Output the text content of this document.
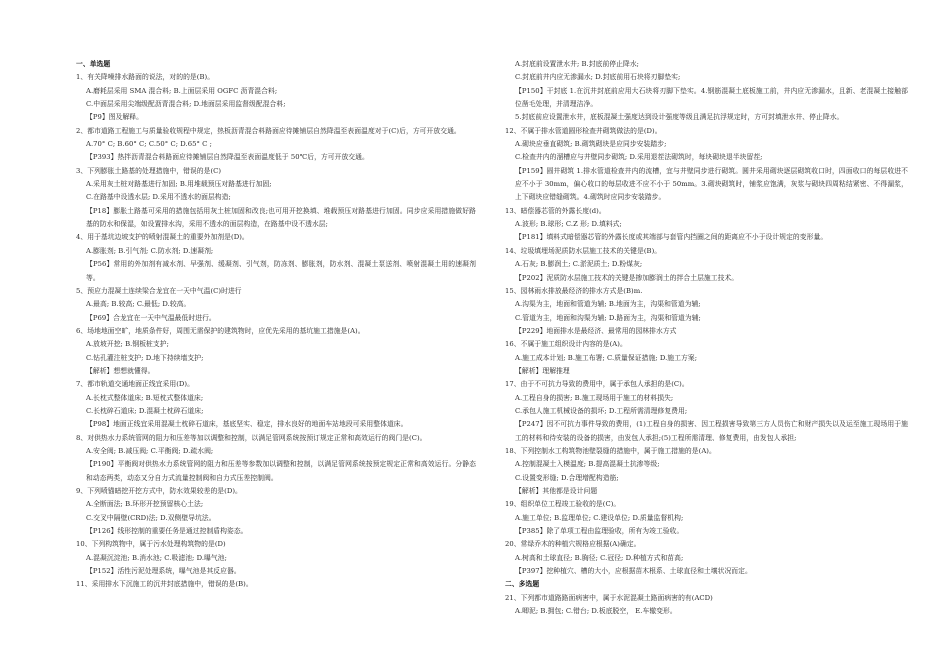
一、单选题
1、有关降噪排水路面的说法，对的的是(B)。
A.磨耗层采用 SMA 混合料; B.上面层采用 OGFC 沥青混合料;
C.中面层采用尖端级配沥青混合料; D.地面层采用监督级配混合料;
【P9】图及解释。
2、都市道路工程施工与质量验收规程中规定，热板沥青混合料路面应待摊铺层自然降温至表面温度对于(C)后，方可开放交通。
A.70° C; B.60° C; C.50° C; D.65° C ;
【P393】热拌沥青混合料路面应待摊铺层自然降温至表面温度低于 50℃后，方可开放交通。
3、下列膨胀土路基的处理措施中，错误的是(C)
A.采用灰土桩对路基进行加固; B.用堆载预压对路基进行加固;
C.在路基中设透水层; D.采用不透水的面层构造;
【P18】膨胀土路基可采用的措施包括用灰土桩加固和改良;也可用开挖换填、堆载预压对路基进行加固。同步应采用措施做好路基的防水和保湿，如设置排水沟，采用不透水的面层构造，在路基中设不透水层;
4、用于基坑边坡支护的喷射混凝土的重要外加剂是(D)。
A.膨胀剂; B.引气剂; C.防水剂; D.速凝剂;
【P56】常用的外加剂有减水剂、早强剂、缓凝剂、引气剂，防冻剂、膨胀剂，防水剂、混凝土泵送剂、喷射混凝土用的速凝剂等。
5、预应力混凝土连续梁合龙宜在一天中气温(C)时进行
A.最高; B.较高; C.最低; D.较高。
【P69】合龙宜在一天中气温最低时进行。
6、场地地面空旷，地质条件好，周围无需保护的建筑物时，应优先采用的基坑施工措施是(A)。
A.放坡开挖; B.钢板桩支护;
C.钻孔灌注桩支护; D.地下持续墙支护;
【解析】想想就懂得。
7、都市轨道交通地面正线宜采用(D)。
A.长枕式整体道床; B.短枕式整体道床;
C.长枕碎石道床; D.混凝土枕碎石道床;
【P98】地面正线宜采用混凝土枕碎石道床，基底坚实、稳定，排水良好的地面车站地段可采用整体道床。
8、对供热水力系统管网的阻力和压差等加以调整和控制，以满足管网系统按预订规定正常和高效运行的阀门是(C)。
A.安全阀; B.减压阀; C.平衡阀; D.疏水阀;
【P190】平衡阀对供热水力系统管网的阻力和压差等参数加以调整和控制，以满足管网系统按预定规定正常和高效运行。分静态和动态两类，动态又分自力式流量控制阀和自力式压差控制阀。
9、下列喷锚暗挖开挖方式中，防水效果较差的是(D)。
A.全断面法; B.环形开挖预留核心土法;
C.交叉中隔壁(CRD)法; D.双侧壁导坑法。
【P126】线形控制的重要任务是通过控制盾构姿态。
10、下列构筑物中，属于污水处理构筑物的是(D)
A.混凝沉淀池; B.消水池; C.吸滤池; D.曝气池;
【P152】活性污泥处理系统，曝气池是其反应器。
11、采用排水下沉施工的沉井封底措施中，错误的是(B)。
A.封底前设置泄水井; B.封底前停止降水;
C.封底前井内应无渗漏水; D.封底前用石块将刃脚垫实;
【P150】干封底 1.在沉井封底前应用大石块将刃脚下垫实。4.钢筋混凝土底板施工前，井内应无渗漏水，且新、老混凝土接触部位凿毛处理，并清理洁净。
5.封底前应设置泄水井，底板混凝土强度达到设计强度等级且满足抗浮规定时，方可封填泄水井、停止降水。
12、不属于排水管道圆形检查井砌筑做法的是(D)。
A.砌块应垂直砌筑; B.砌筑砌块是应同步安装踏步;
C.检查井内的溜槽应与井壁同步砌筑; D.采用退茬法砌筑时，每块砌块退半块留茬;
【P159】圆井砌筑 1.排水管道检查井内的流槽，宜与井壁同步进行砌筑。圆井采用砌块逐层砌筑收口时，四面收口的每层收进不应不小于 30mm，偏心收口的每层收进不应不小于 50mm。3.砌块砌筑时，铺浆应饱满，灰浆与砌块四周粘结紧密、不得漏浆，上下砌块应错缝砌筑。4.砌筑时应同步安装踏步。
13、暗偿器芯管的外露长度(d)。
A.波形; B.球形; C.Z 形; D.填料式;
【P181】填料式暗偿器芯管的外露长度或其端部与套管内挡圈之间的距离应不小于设计规定的变形量。
14、垃圾填埋场泥质防水层施工技术的关键是(B)。
A.石灰; B.膨润土; C.淤泥质土; D.粉煤灰;
【P202】泥质防水层施工技术的关键是掺加膨润土的拌合土层施工技术。
15、园林雨水排放最经济的排水方式是(B)m.
A.沟渠为主，地面和管道为辅; B.地面为主，沟渠和管道为辅;
C.管道为主，地面和沟渠为辅; D.路面为主，沟渠和管道为辅;
【P229】地面排水是最经济、最常用的园林排水方式
16、不属于施工组织设计内容的是(A)。
A.施工成本计划; B.施工布署; C.质量保证措施; D.施工方案;
【解析】理解推理
17、由于不可抗力导致的费用中，属于承包人承担的是(C)。
A.工程自身的损害; B.施工现场用于施工的材料损失;
C.承包人施工机械设备的损坏; D.工程所需清理修复费用;
【P247】因不可抗力事件导致的费用，(1)工程自身的损害、因工程损害导致第三方人员伤亡和财产损失以及运至施工现场用于施工的材料和待安装的设备的损害，由发包人承担;(5)工程所需清理、修复费用，由发包人承担;
18、下列控制水工构筑物池壁裂缝的措施中，属于施工措施的是(A)。
A.控制混凝土入模温度; B.提高混凝土抗渗等级;
C.设置变形缝; D.合理增配构造筋;
【解析】其他都是设计问题
19、组织单位工程竣工验收的是(C)。
A.施工单位; B.监理单位; C.建设单位; D.质量监督机构;
【P385】除了单项工程由监理验收，所有为竣工验收。
20、常绿乔木的种植穴规格应根据(A)确定。
A.树高和土球直径; B.胸径; C.冠径; D.种植方式和苗高;
【P397】挖种植穴、槽的大小，应根据苗木根系、土球直径和土壤状况而定。
二、多选题
21、下列都市道路路面病害中，属于水泥混凝土路面病害的有(ACD)
A.唧泥; B.拥包; C.错台; D.板底脱空， E.车辙变形。
